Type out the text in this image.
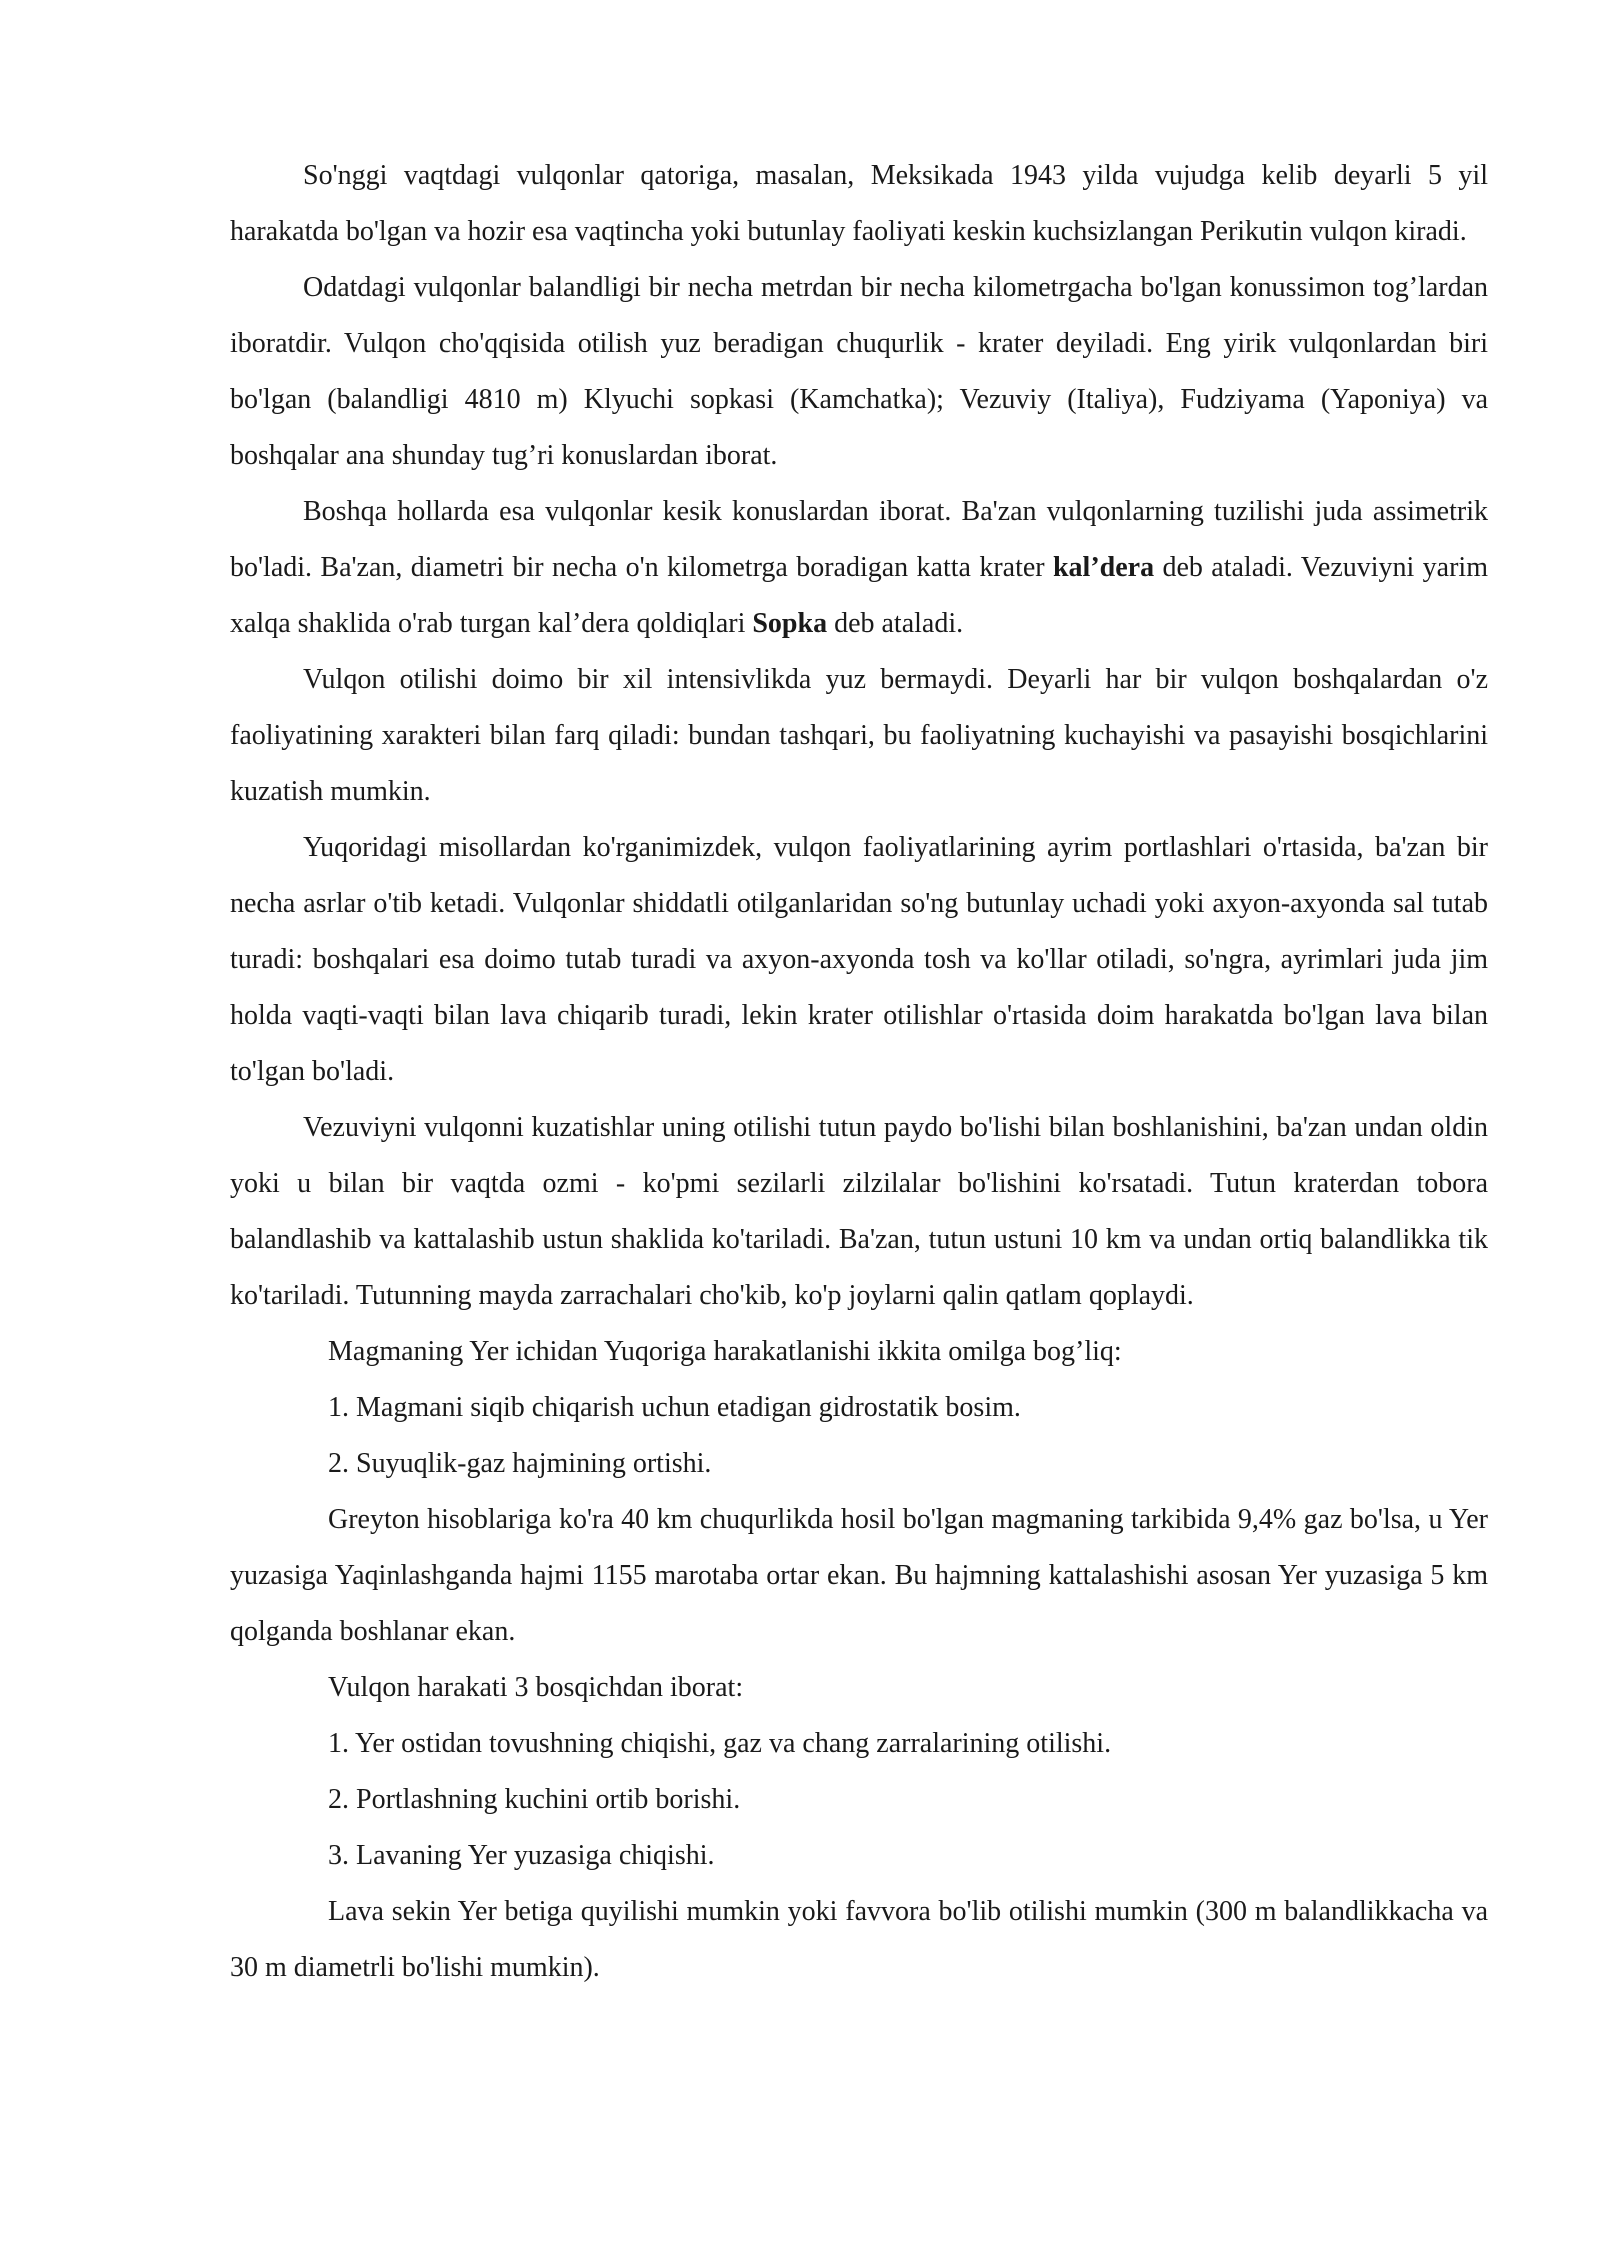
So'nggi vaqtdagi vulqonlar qatoriga, masalan, Meksikada 1943 yilda vujudga kelib deyarli 5 yil harakatda bo'lgan va hozir esa vaqtincha yoki butunlay faoliyati keskin kuchsizlangan Perikutin vulqon kiradi.

Odatdagi vulqonlar balandligi bir necha metrdan bir necha kilometrgacha bo'lgan konussimon tog’lardan iboratdir. Vulqon cho'qqisida otilish yuz beradigan chuqurlik - krater deyiladi. Eng yirik vulqonlardan biri bo'lgan (balandligi 4810 m) Klyuchi sopkasi (Kamchatka); Vezuviy (Italiya), Fudziyama (Yaponiya) va boshqalar ana shunday tug’ri konuslardan iborat.

Boshqa hollarda esa vulqonlar kesik konuslardan iborat. Ba'zan vulqonlarning tuzilishi juda assimetrik bo'ladi. Ba'zan, diametri bir necha o'n kilometrga boradigan katta krater kal’dera deb ataladi. Vezuviyni yarim xalqa shaklida o'rab turgan kal’dera qoldiqlari Sopka deb ataladi.

Vulqon otilishi doimo bir xil intensivlikda yuz bermaydi. Deyarli har bir vulqon boshqalardan o'z faoliyatining xarakteri bilan farq qiladi: bundan tashqari, bu faoliyatning kuchayishi va pasayishi bosqichlarini kuzatish mumkin.

Yuqoridagi misollardan ko'rganimizdek, vulqon faoliyatlarining ayrim portlashlari o'rtasida, ba'zan bir necha asrlar o'tib ketadi. Vulqonlar shiddatli otilganlaridan so'ng butunlay uchadi yoki axyon-axyonda sal tutab turadi: boshqalari esa doimo tutab turadi va axyon-axyonda tosh va ko'llar otiladi, so'ngra, ayrimlari juda jim holda vaqti-vaqti bilan lava chiqarib turadi, lekin krater otilishlar o'rtasida doim harakatda bo'lgan lava bilan to'lgan bo'ladi.

Vezuviyni vulqonni kuzatishlar uning otilishi tutun paydo bo'lishi bilan boshlanishini, ba'zan undan oldin yoki u bilan bir vaqtda ozmi - ko'pmi sezilarli zilzilalar bo'lishini ko'rsatadi. Tutun kraterdan tobora balandlashib va kattalashib ustun shaklida ko'tariladi. Ba'zan, tutun ustuni 10 km va undan ortiq balandlikka tik ko'tariladi. Tutunning mayda zarrachalari cho'kib, ko'p joylarni qalin qatlam qoplaydi.

Magmaning Yer ichidan Yuqoriga harakatlanishi ikkita omilga bog’liq:

1. Magmani siqib chiqarish uchun etadigan gidrostatik bosim.

2. Suyuqlik-gaz hajmining ortishi.

Greyton hisoblariga ko'ra 40 km chuqurlikda hosil bo'lgan magmaning tarkibida 9,4% gaz bo'lsa, u Yer yuzasiga Yaqinlashganda hajmi 1155 marotaba ortar ekan. Bu hajmning kattalashishi asosan Yer yuzasiga 5 km qolganda boshlanar ekan.

Vulqon harakati 3 bosqichdan iborat:

1. Yer ostidan tovushning chiqishi, gaz va chang zarralarining otilishi.

2. Portlashning kuchini ortib borishi.

3. Lavaning Yer yuzasiga chiqishi.

Lava sekin Yer betiga quyilishi mumkin yoki favvora bo'lib otilishi mumkin (300 m balandlikkacha va 30 m diametrli bo'lishi mumkin).
